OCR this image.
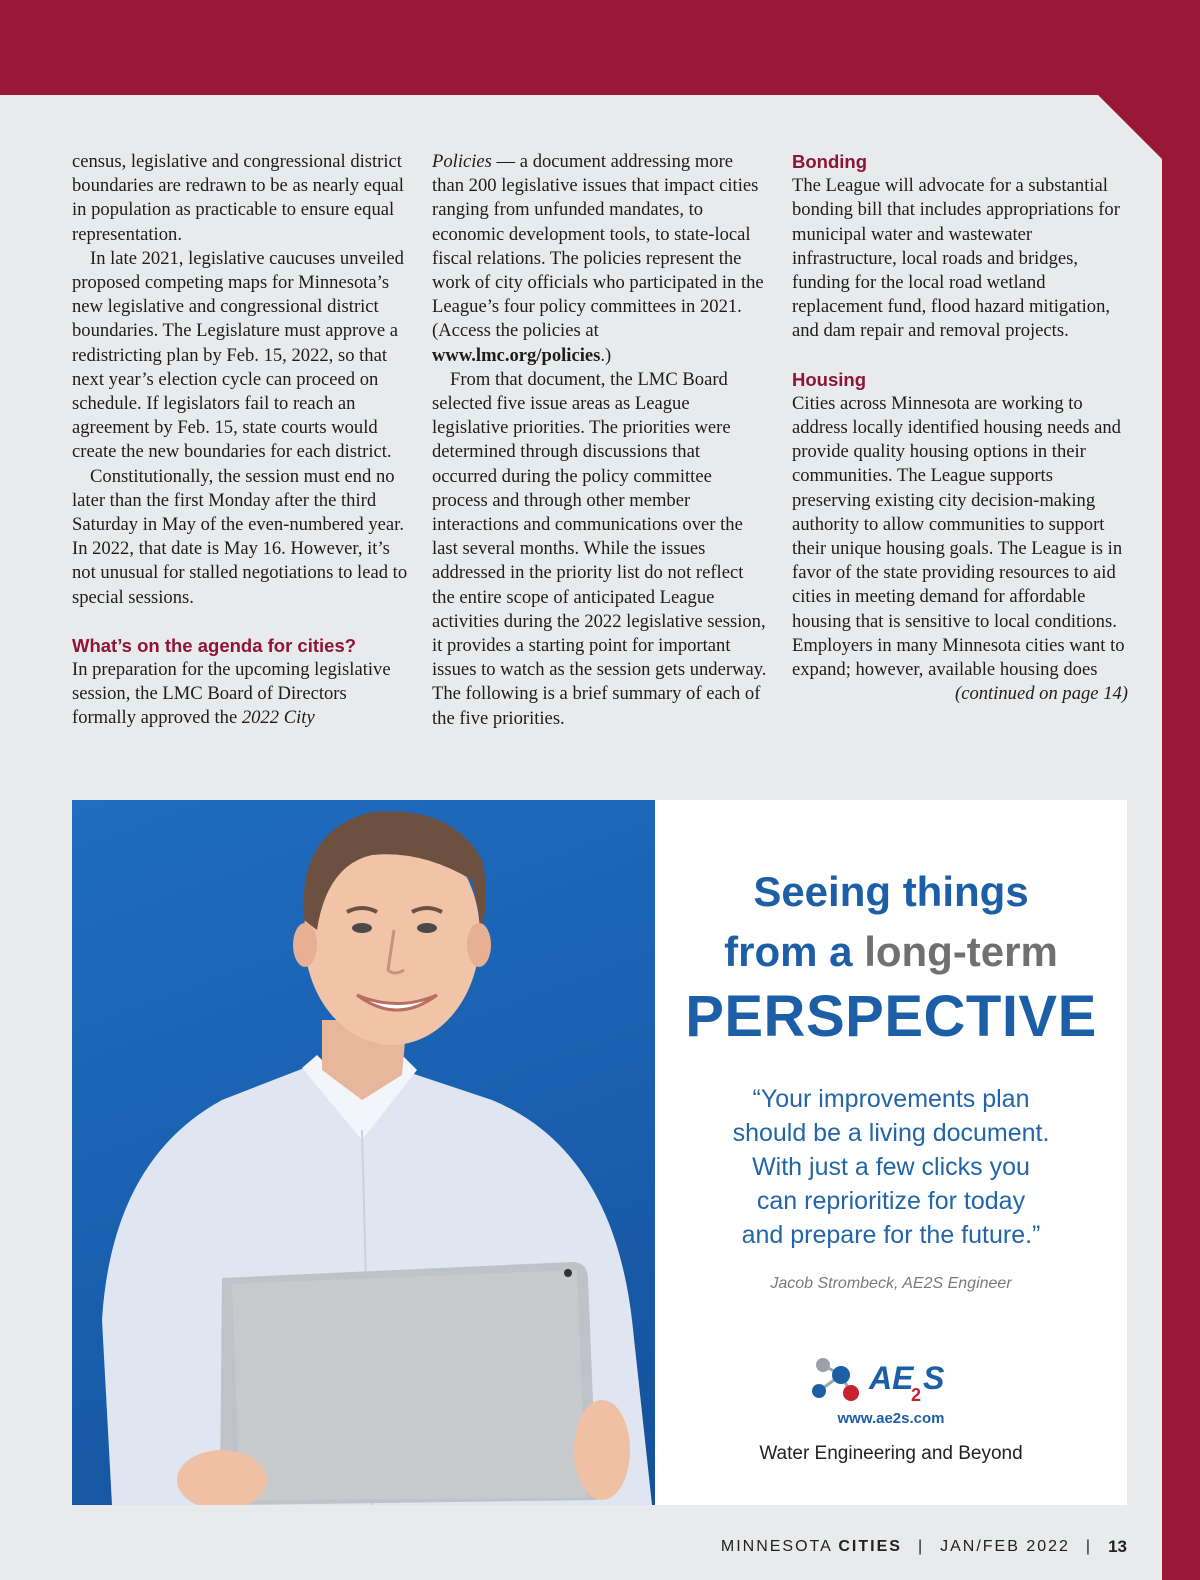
census, legislative and congressional district boundaries are redrawn to be as nearly equal in population as practicable to ensure equal representation.

In late 2021, legislative caucuses unveiled proposed competing maps for Minnesota’s new legislative and congressional district boundaries. The Legislature must approve a redistricting plan by Feb. 15, 2022, so that next year’s election cycle can proceed on schedule. If legislators fail to reach an agreement by Feb. 15, state courts would create the new boundaries for each district.

Constitutionally, the session must end no later than the first Monday after the third Saturday in May of the even-numbered year. In 2022, that date is May 16. However, it’s not unusual for stalled negotiations to lead to special sessions.

What’s on the agenda for cities?

In preparation for the upcoming legislative session, the LMC Board of Directors formally approved the 2022 City

Policies — a document addressing more than 200 legislative issues that impact cities ranging from unfunded mandates, to economic development tools, to state-local fiscal relations. The policies represent the work of city officials who participated in the League’s four policy committees in 2021. (Access the policies at www.lmc.org/policies.)

From that document, the LMC Board selected five issue areas as League legislative priorities. The priorities were determined through discussions that occurred during the policy committee process and through other member interactions and communications over the last several months. While the issues addressed in the priority list do not reflect the entire scope of anticipated League activities during the 2022 legislative session, it provides a starting point for important issues to watch as the session gets underway. The following is a brief summary of each of the five priorities.

Bonding

The League will advocate for a substantial bonding bill that includes appropriations for municipal water and wastewater infrastructure, local roads and bridges, funding for the local road wetland replacement fund, flood hazard mitigation, and dam repair and removal projects.

Housing

Cities across Minnesota are working to address locally identified housing needs and provide quality housing options in their communities. The League supports preserving existing city decision-making authority to allow communities to support their unique housing goals. The League is in favor of the state providing resources to aid cities in meeting demand for affordable housing that is sensitive to local conditions. Employers in many Minnesota cities want to expand; however, available housing does

(continued on page 14)

Seeing things
from a long-term
PERSPECTIVE
“Your improvements plan
should be a living document.
With just a few clicks you
can reprioritize for today
and prepare for the future.”
Jacob Strombeck, AE2S Engineer
AE
2 S
www.ae2s.com
Water Engineering and Beyond
MINNESOTA CITIES | JAN/FEB 2022 | 13
